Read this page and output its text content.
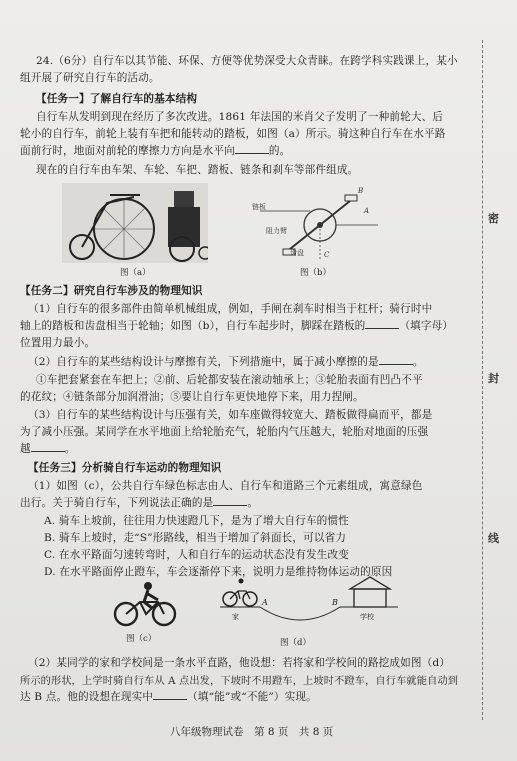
24.（6分）自行车以其节能、环保、方便等优势深受大众青睐。在跨学科实践课上，某小
组开展了研究自行车的活动。
【任务一】了解自行车的基本结构
自行车从发明到现在经历了多次改进。1861 年法国的米肖父子发明了一种前轮大、后
轮小的自行车，前轮上装有车把和能转动的踏板，如图（a）所示。骑这种自行车在水平路
面前行时，地面对前轮的摩擦力方向是水平向	的。
现在的自行车由车架、车轮、车把、踏板、链条和刹车等部件组成。
图（a）
链板
阻力臂
齿盘
B
A
C
图（b）
【任务二】研究自行车涉及的物理知识
（1）自行车的很多部件由简单机械组成，例如，手闸在刹车时相当于杠杆；骑行时中
轴上的踏板和齿盘相当于轮轴；如图（b），自行车起步时，脚踩在踏板的	（填字母）
位置用力最小。
（2）自行车的某些结构设计与摩擦有关，下列措施中，属于减小摩擦的是	。
①车把套紧套在车把上；②前、后轮都安装在滚动轴承上；③轮胎表面有凹凸不平
的花纹；④链条部分加润滑油；⑤要让自行车更快地停下来，用力捏闸。
（3）自行车的某些结构设计与压强有关，如车座做得较宽大、踏板做得扁而平，都是
为了减小压强。某同学在水平地面上给轮胎充气，轮胎内气压越大，轮胎对地面的压强
越	。
【任务三】分析骑自行车运动的物理知识
（1）如图（c），公共自行车绿色标志由人、自行车和道路三个元素组成，寓意绿色
出行。关于骑自行车，下列说法正确的是	。
A. 骑车上坡前，往往用力快速蹬几下，是为了增大自行车的惯性
B. 骑车上坡时，走“S”形路线，相当于增加了斜面长，可以省力
C. 在水平路面匀速转弯时，人和自行车的运动状态没有发生改变
D. 在水平路面停止蹬车，车会逐渐停下来，说明力是维持物体运动的原因
图（c）
家
A	B
学校
图（d）
（2）某同学的家和学校间是一条水平直路，他设想：若将家和学校间的路挖成如图（d）
所示的形状，上学时骑自行车从 A 点出发，下坡时不用蹬车，上坡时不蹬车，自行车就能自动到
达 B 点。他的设想在现实中	（填“能”或“不能”）实现。
密
封
线
八年级物理试卷　第 8 页　共 8 页
